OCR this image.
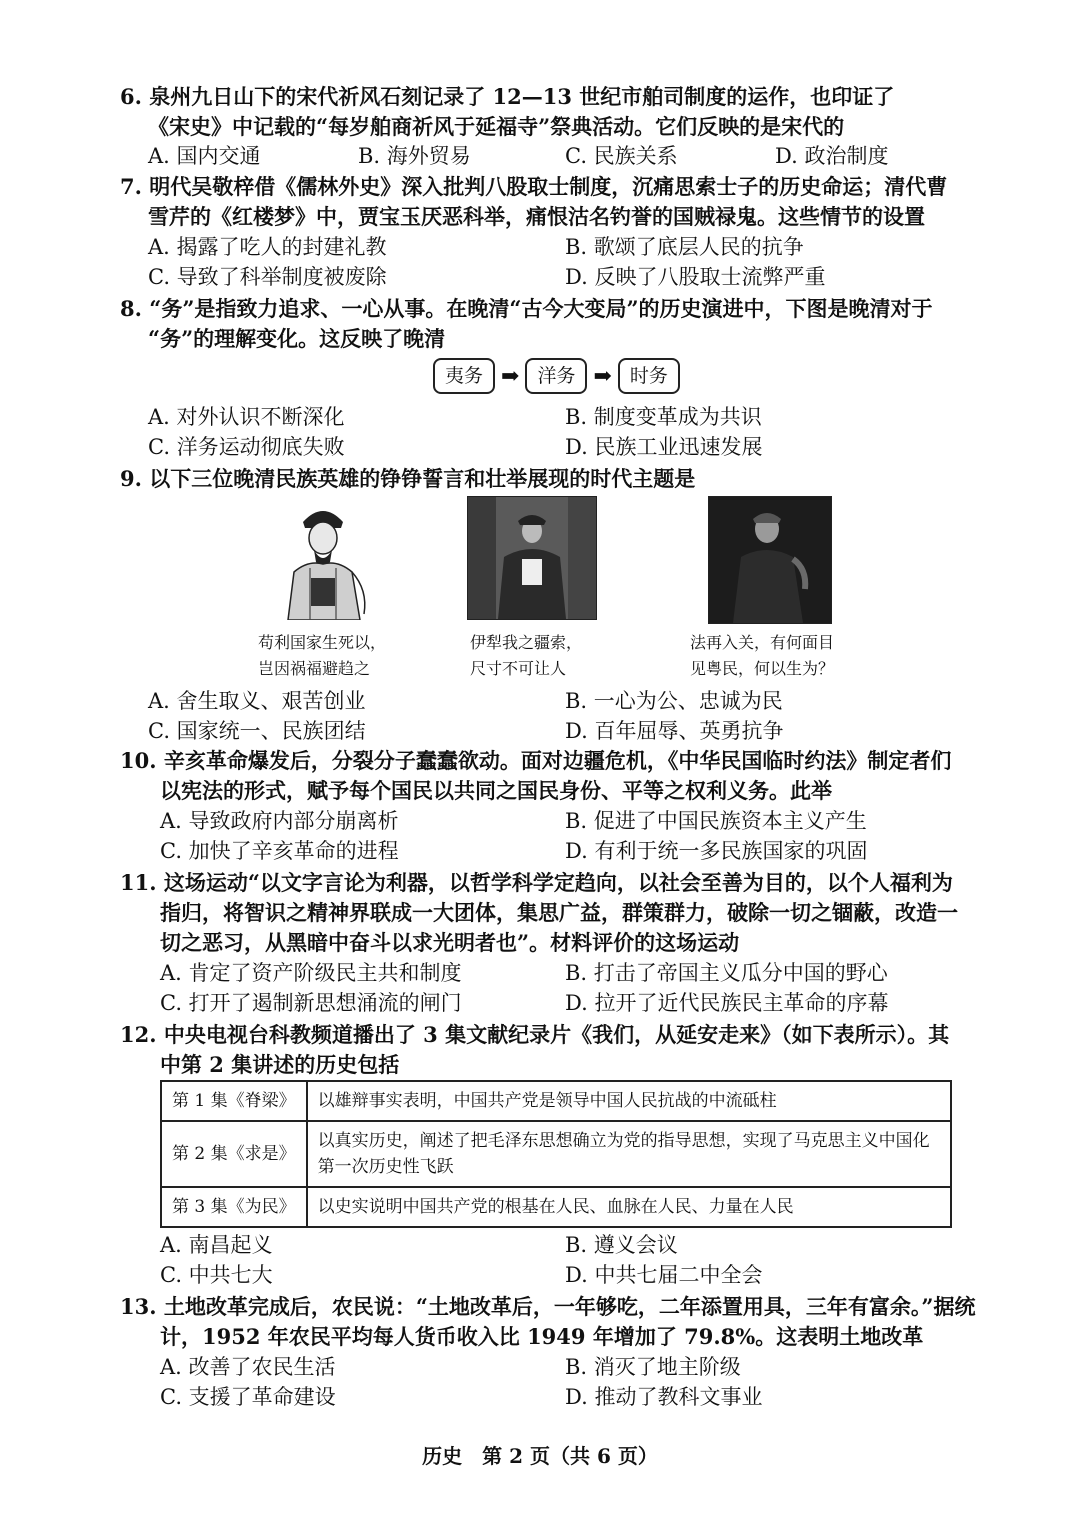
6. 泉州九日山下的宋代祈风石刻记录了 12—13 世纪市舶司制度的运作，也印证了
《宋史》中记载的“每岁舶商祈风于延福寺”祭典活动。它们反映的是宋代的
A. 国内交通	B. 海外贸易	C. 民族关系	D. 政治制度
7. 明代吴敬梓借《儒林外史》深入批判八股取士制度，沉痛思索士子的历史命运；清代曹
雪芹的《红楼梦》中，贾宝玉厌恶科举，痛恨沽名钓誉的国贼禄鬼。这些情节的设置
A. 揭露了吃人的封建礼教	B. 歌颂了底层人民的抗争
C. 导致了科举制度被废除	D. 反映了八股取士流弊严重
8. “务”是指致力追求、一心从事。在晚清“古今大变局”的历史演进中，下图是晚清对于
“务”的理解变化。这反映了晚清
夷务 ➡ 洋务 ➡ 时务
A. 对外认识不断深化	B. 制度变革成为共识
C. 洋务运动彻底失败	D. 民族工业迅速发展
9. 以下三位晚清民族英雄的铮铮誓言和壮举展现的时代主题是
苟利国家生死以，
岂因祸福避趋之
伊犁我之疆索，
尺寸不可让人
法再入关，有何面目
见粤民，何以生为？
A. 舍生取义、艰苦创业	B. 一心为公、忠诚为民
C. 国家统一、民族团结	D. 百年屈辱、英勇抗争
10. 辛亥革命爆发后，分裂分子蠢蠢欲动。面对边疆危机，《中华民国临时约法》制定者们
以宪法的形式，赋予每个国民以共同之国民身份、平等之权利义务。此举
A. 导致政府内部分崩离析	B. 促进了中国民族资本主义产生
C. 加快了辛亥革命的进程	D. 有利于统一多民族国家的巩固
11. 这场运动“以文字言论为利器，以哲学科学定趋向，以社会至善为目的，以个人福利为
指归，将智识之精神界联成一大团体，集思广益，群策群力，破除一切之锢蔽，改造一
切之恶习，从黑暗中奋斗以求光明者也”。材料评价的这场运动
A. 肯定了资产阶级民主共和制度	B. 打击了帝国主义瓜分中国的野心
C. 打开了遏制新思想涌流的闸门	D. 拉开了近代民族民主革命的序幕
12. 中央电视台科教频道播出了 3 集文献纪录片《我们，从延安走来》（如下表所示）。其
中第 2 集讲述的历史包括
第 1 集《脊梁》	以雄辩事实表明，中国共产党是领导中国人民抗战的中流砥柱
第 2 集《求是》	以真实历史，阐述了把毛泽东思想确立为党的指导思想，实现了马克思主义中国化第一次历史性飞跃
第 3 集《为民》	以史实说明中国共产党的根基在人民、血脉在人民、力量在人民
A. 南昌起义	B. 遵义会议
C. 中共七大	D. 中共七届二中全会
13. 土地改革完成后，农民说：“土地改革后，一年够吃，二年添置用具，三年有富余。”据统
计，1952 年农民平均每人货币收入比 1949 年增加了 79.8%。这表明土地改革
A. 改善了农民生活	B. 消灭了地主阶级
C. 支援了革命建设	D. 推动了教科文事业
历史　第 2 页（共 6 页）
